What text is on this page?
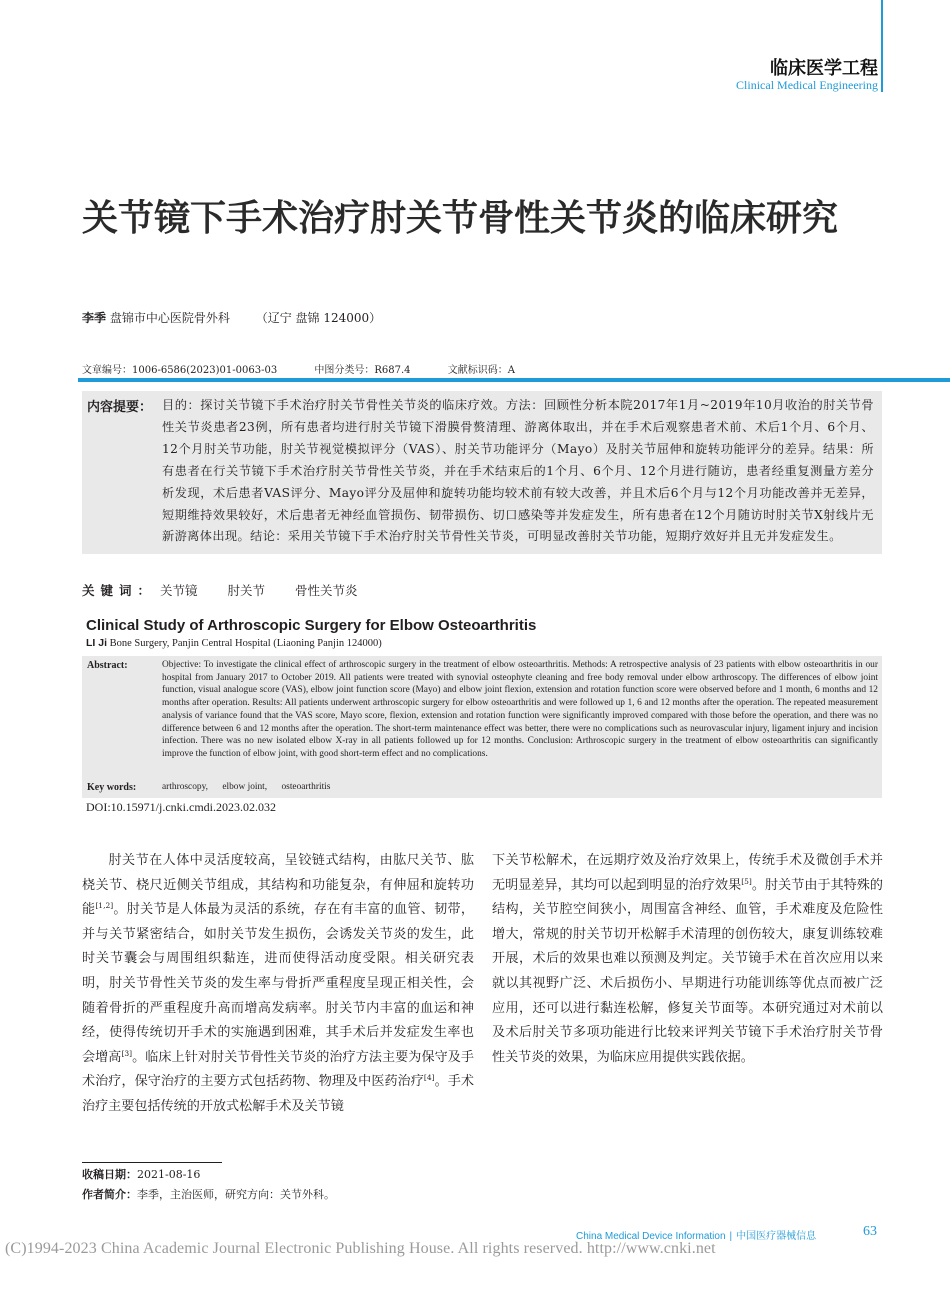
临床医学工程
Clinical Medical Engineering
关节镜下手术治疗肘关节骨性关节炎的临床研究
李季 盘锦市中心医院骨外科 （辽宁 盘锦 124000）
文章编号：1006-6586(2023)01-0063-03	中图分类号：R687.4	文献标识码：A
内容提要： 目的：探讨关节镜下手术治疗肘关节骨性关节炎的临床疗效。方法：回顾性分析本院2017年1月~2019年10月收治的肘关节骨性关节炎患者23例，所有患者均进行肘关节镜下滑膜骨赘清理、游离体取出，并在手术后观察患者术前、术后1个月、6个月、12个月肘关节功能，肘关节视觉模拟评分（VAS）、肘关节功能评分（Mayo）及肘关节屈伸和旋转功能评分的差异。结果：所有患者在行关节镜下手术治疗肘关节骨性关节炎，并在手术结束后的1个月、6个月、12个月进行随访，患者经重复测量方差分析发现，术后患者VAS评分、Mayo评分及屈伸和旋转功能均较术前有较大改善，并且术后6个月与12个月功能改善并无差异，短期维持效果较好，术后患者无神经血管损伤、韧带损伤、切口感染等并发症发生，所有患者在12个月随访时肘关节X射线片无新游离体出现。结论：采用关节镜下手术治疗肘关节骨性关节炎，可明显改善肘关节功能，短期疗效好并且无并发症发生。
关键词： 关节镜 肘关节 骨性关节炎
Clinical Study of Arthroscopic Surgery for Elbow Osteoarthritis
LI Ji Bone Surgery, Panjin Central Hospital (Liaoning Panjin 124000)
Abstract:	Objective: To investigate the clinical effect of arthroscopic surgery in the treatment of elbow osteoarthritis. Methods: A retrospective analysis of 23 patients with elbow osteoarthritis in our hospital from January 2017 to October 2019. All patients were treated with synovial osteophyte cleaning and free body removal under elbow arthroscopy. The differences of elbow joint function, visual analogue score (VAS), elbow joint function score (Mayo) and elbow joint flexion, extension and rotation function score were observed before and 1 month, 6 months and 12 months after operation. Results: All patients underwent arthroscopic surgery for elbow osteoarthritis and were followed up 1, 6 and 12 months after the operation. The repeated measurement analysis of variance found that the VAS score, Mayo score, flexion, extension and rotation function were significantly improved compared with those before the operation, and there was no difference between 6 and 12 months after the operation. The short-term maintenance effect was better, there were no complications such as neurovascular injury, ligament injury and incision infection. There was no new isolated elbow X-ray in all patients followed up for 12 months. Conclusion: Arthroscopic surgery in the treatment of elbow osteoarthritis can significantly improve the function of elbow joint, with good short-term effect and no complications.
Key words:	arthroscopy, elbow joint, osteoarthritis
DOI:10.15971/j.cnki.cmdi.2023.02.032
肘关节在人体中灵活度较高，呈铰链式结构，由肱尺关节、肱桡关节、桡尺近侧关节组成，其结构和功能复杂，有伸屈和旋转功能[1,2]。肘关节是人体最为灵活的系统，存在有丰富的血管、韧带，并与关节紧密结合，如肘关节发生损伤，会诱发关节炎的发生，此时关节囊会与周围组织黏连，进而使得活动度受限。相关研究表明，肘关节骨性关节炎的发生率与骨折严重程度呈现正相关性，会随着骨折的严重程度升高而增高发病率。肘关节内丰富的血运和神经，使得传统切开手术的实施遇到困难，其手术后并发症发生率也会增高[3]。临床上针对肘关节骨性关节炎的治疗方法主要为保守及手术治疗，保守治疗的主要方式包括药物、物理及中医药治疗[4]。手术治疗主要包括传统的开放式松解手术及关节镜
下关节松解术，在远期疗效及治疗效果上，传统手术及微创手术并无明显差异，其均可以起到明显的治疗效果[5]。肘关节由于其特殊的结构，关节腔空间狭小，周围富含神经、血管，手术难度及危险性增大，常规的肘关节切开松解手术清理的创伤较大，康复训练较难开展，术后的效果也难以预测及判定。关节镜手术在首次应用以来就以其视野广泛、术后损伤小、早期进行功能训练等优点而被广泛应用，还可以进行黏连松解，修复关节面等。本研究通过对术前以及术后肘关节多项功能进行比较来评判关节镜下手术治疗肘关节骨性关节炎的效果，为临床应用提供实践依据。
收稿日期：2021-08-16
作者简介：李季，主治医师，研究方向：关节外科。
China Medical Device Information | 中国医疗器械信息	63
(C)1994-2023 China Academic Journal Electronic Publishing House. All rights reserved. http://www.cnki.net
